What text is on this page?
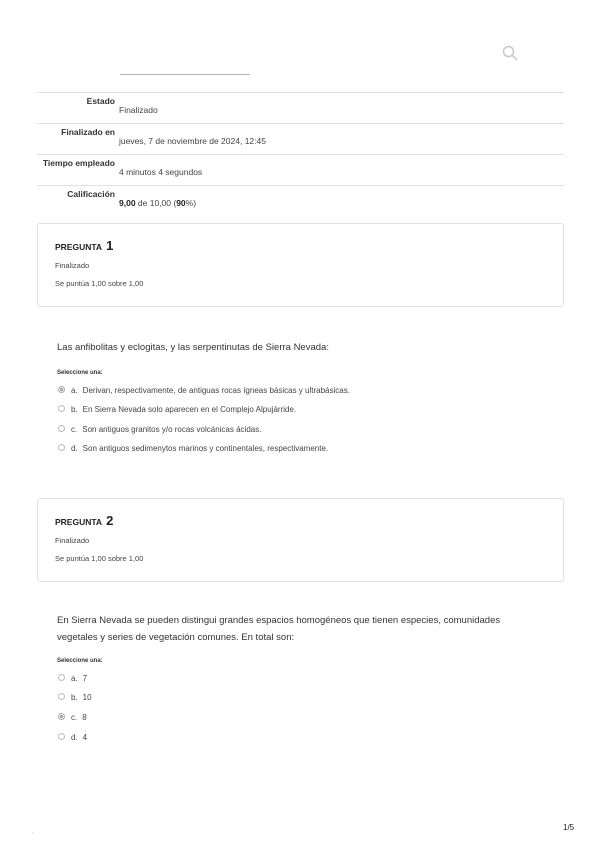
Estado
Finalizado
Finalizado en
jueves, 7 de noviembre de 2024, 12:45
Tiempo empleado
4 minutos 4 segundos
Calificación
9,00 de 10,00 (90%)
PREGUNTA 1
Finalizado
Se puntúa 1,00 sobre 1,00
Las anfibolitas y eclogitas, y las serpentinutas de Sierra Nevada:
Seleccione una:
a. Derivan, respectivamente, de antiguas rocas ígneas básicas y ultrabásicas.
b. En Sierra Nevada solo aparecen en el Complejo Alpujárride.
c. Son antiguos granitos y/o rocas volcánicas ácidas.
d. Son antiguos sedimenytos marinos y continentales, respectivamente.
PREGUNTA 2
Finalizado
Se puntúa 1,00 sobre 1,00
En Sierra Nevada se pueden distingui grandes espacios homogéneos que tienen especies, comunidades
vegetales y series de vegetación comunes. En total son:
Seleccione una:
a. 7
b. 10
c. 8
d. 4
.	1/5
